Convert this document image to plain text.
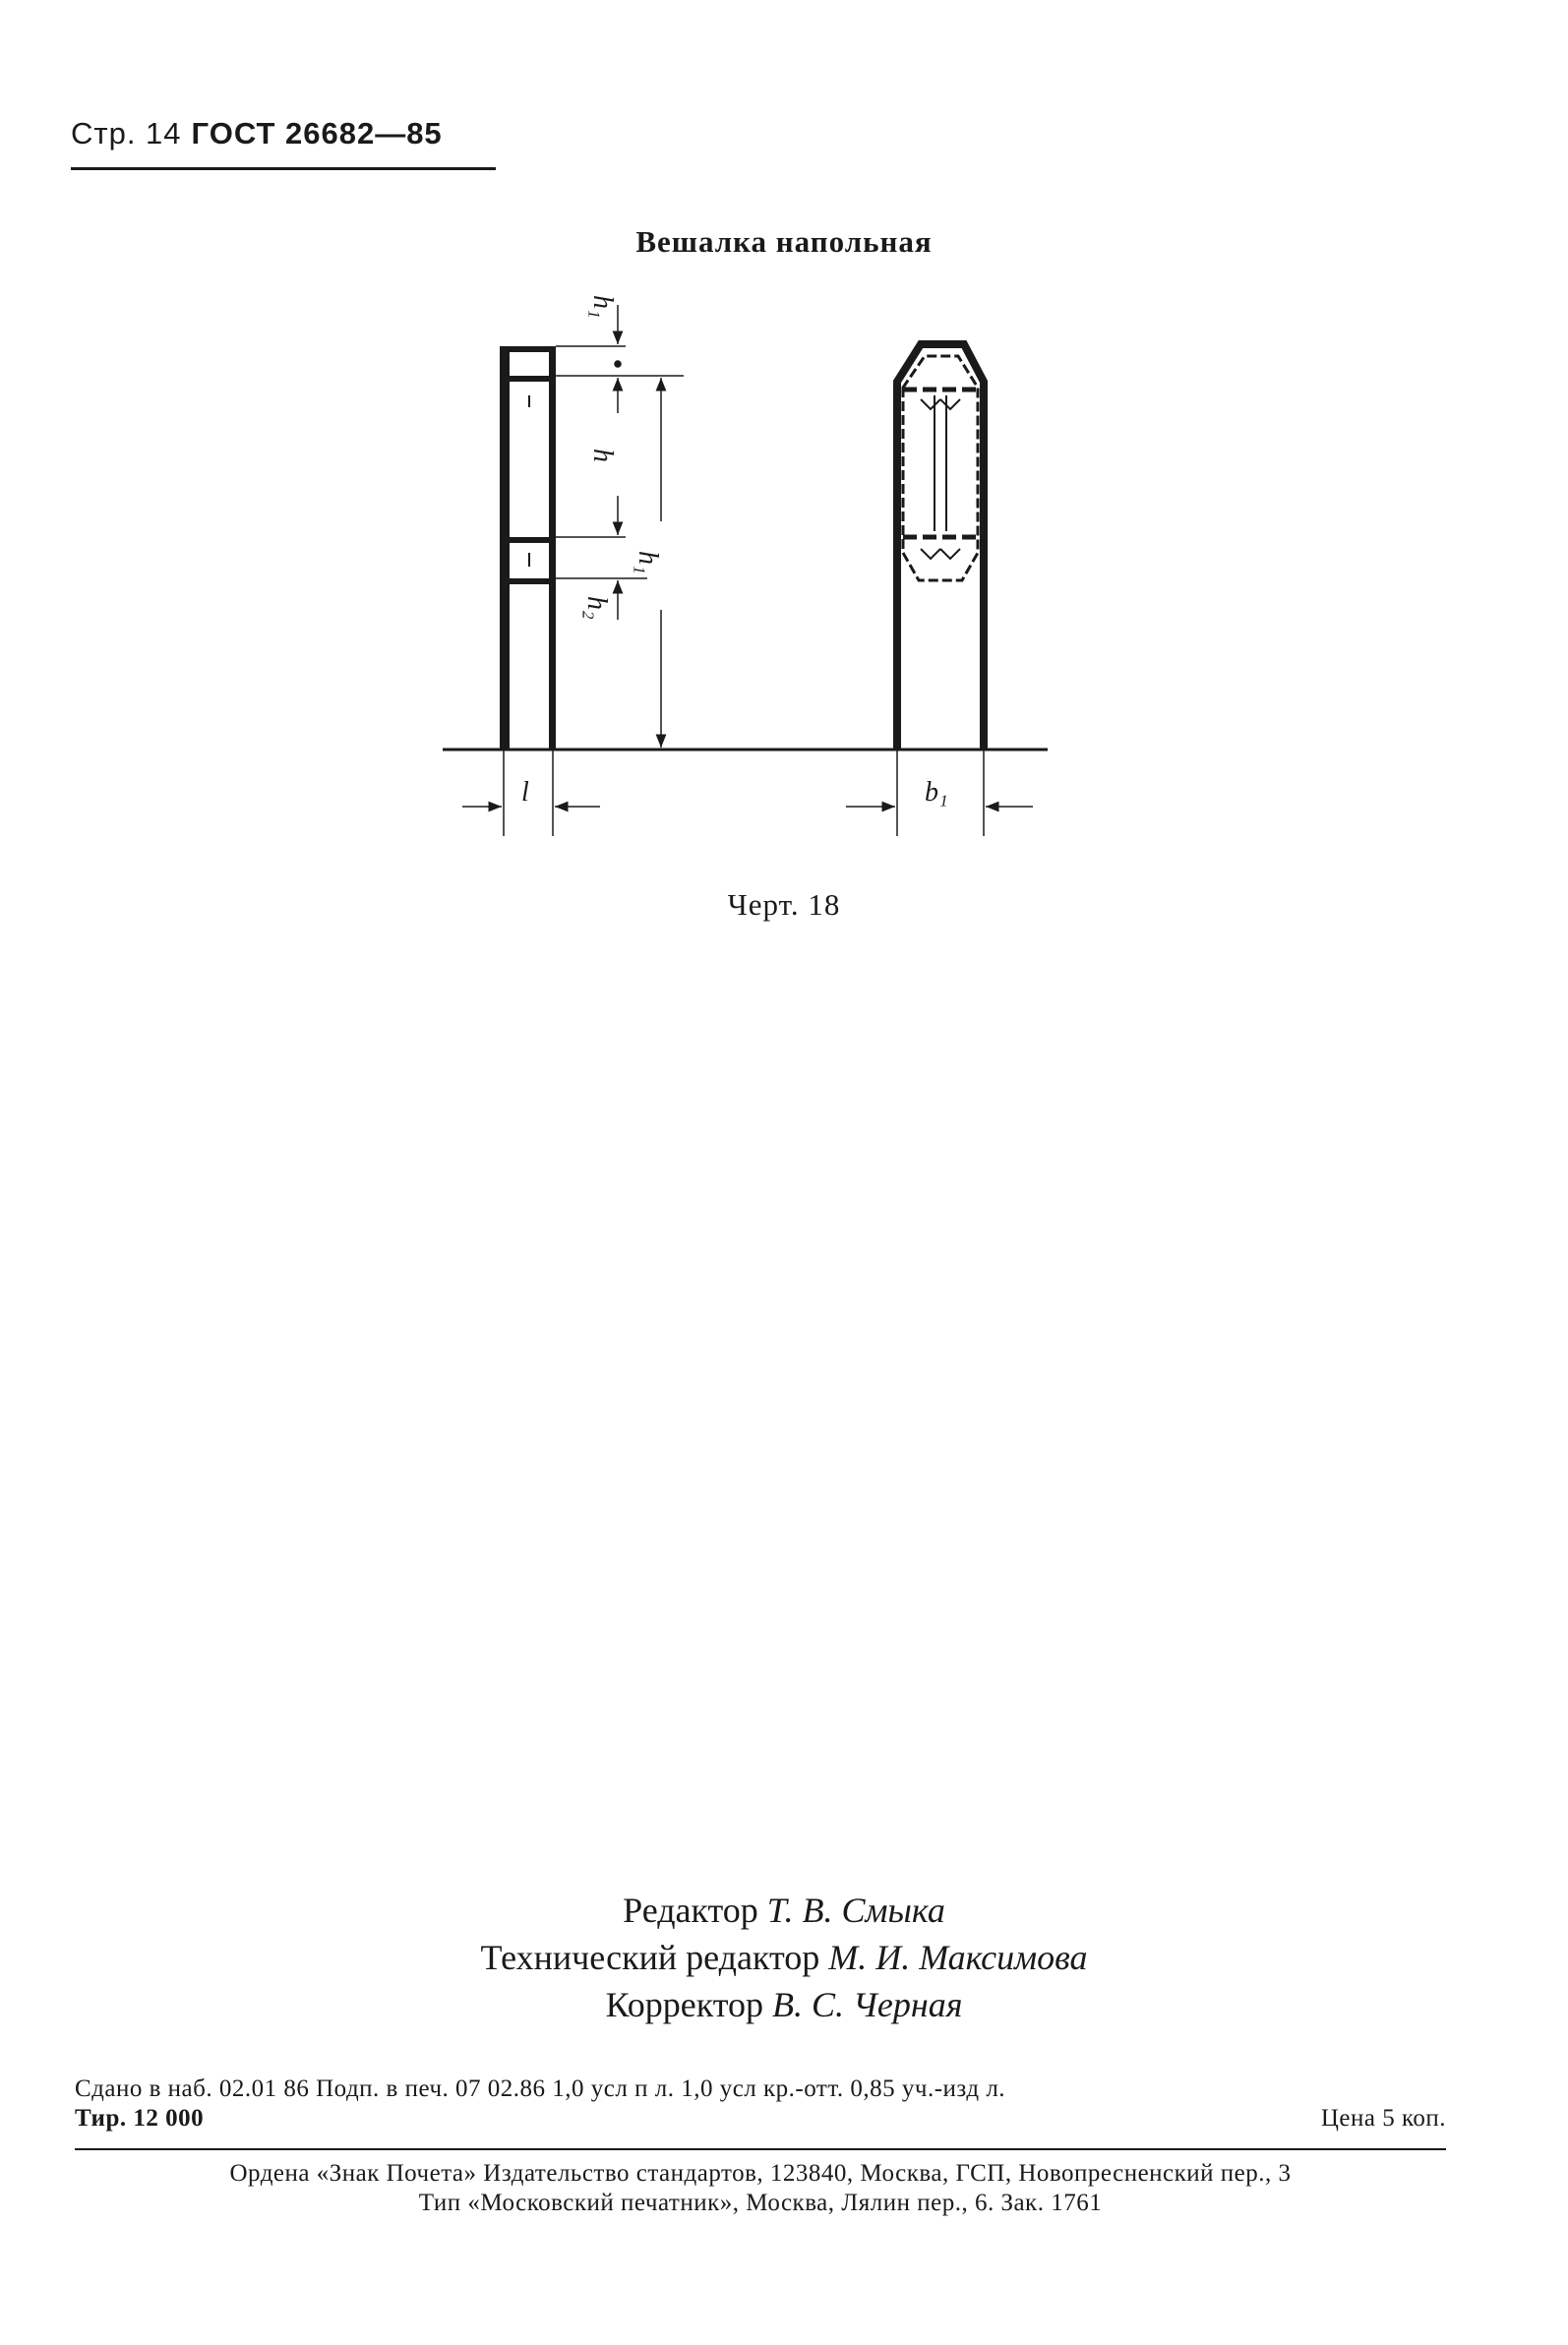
Стр. 14 ГОСТ 26682—85
Вешалка напольная
h₁
h
h₂
h₁
l	b₁
Черт. 18
Редактор Т. В. Смыка
Технический редактор М. И. Максимова
Корректор В. С. Черная
Сдано в наб. 02.01 86 Подп. в печ. 07 02.86 1,0 усл п л. 1,0 усл кр.-отт. 0,85 уч.-изд л.
Тир. 12 000	Цена 5 коп.
Ордена «Знак Почета» Издательство стандартов, 123840, Москва, ГСП, Новопресненский пер., 3
Тип «Московский печатник», Москва, Лялин пер., 6. Зак. 1761
